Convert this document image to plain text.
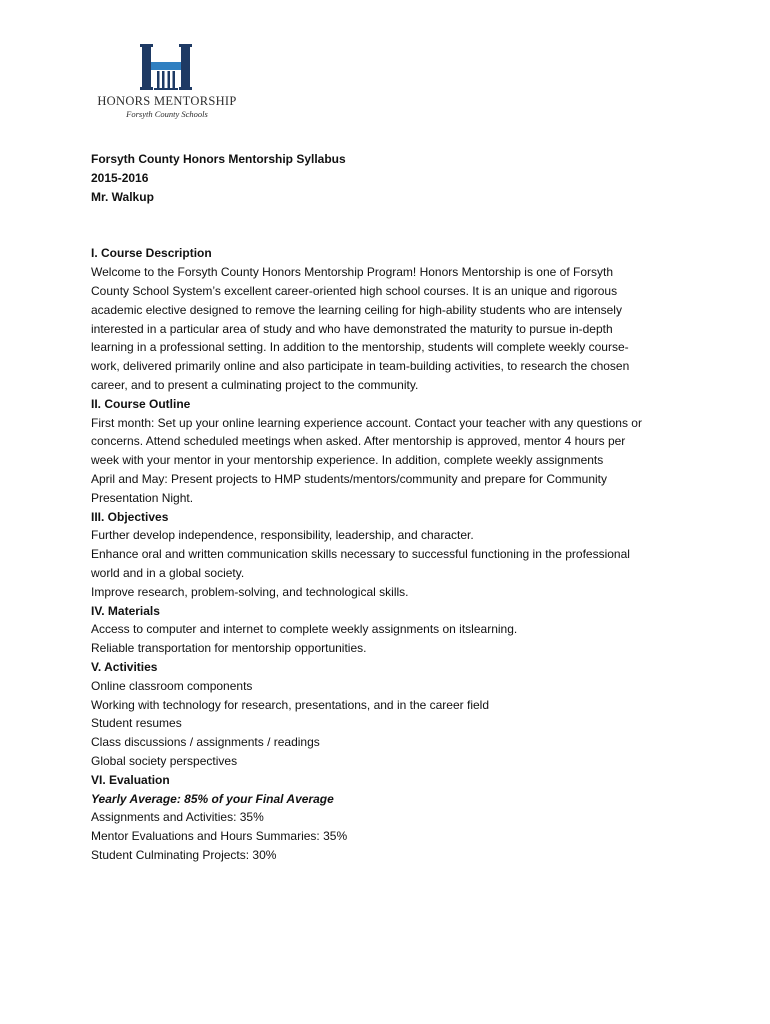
HONORS MENTORSHIP
Forsyth County Schools

Forsyth County Honors Mentorship Syllabus

2015-2016

Mr. Walkup

I. Course Description

Welcome to the Forsyth County Honors Mentorship Program! Honors Mentorship is one of Forsyth

County School System’s excellent career-oriented high school courses. It is an unique and rigorous

academic elective designed to remove the learning ceiling for high-ability students who are intensely

interested in a particular area of study and who have demonstrated the maturity to pursue in-depth

learning in a professional setting. In addition to the mentorship, students will complete weekly course-

work, delivered primarily online and also participate in team-building activities, to research the chosen

career, and to present a culminating project to the community.

II. Course Outline

First month: Set up your online learning experience account. Contact your teacher with any questions or

concerns. Attend scheduled meetings when asked. After mentorship is approved, mentor 4 hours per

week with your mentor in your mentorship experience. In addition, complete weekly assignments

April and May: Present projects to HMP students/mentors/community and prepare for Community

Presentation Night.

III. Objectives

Further develop independence, responsibility, leadership, and character.

Enhance oral and written communication skills necessary to successful functioning in the professional

world and in a global society.

Improve research, problem-solving, and technological skills.

IV. Materials

Access to computer and internet to complete weekly assignments on itslearning.

Reliable transportation for mentorship opportunities.

V. Activities

Online classroom components

Working with technology for research, presentations, and in the career field

Student resumes

Class discussions / assignments / readings

Global society perspectives

VI. Evaluation

Yearly Average: 85% of your Final Average

Assignments and Activities: 35%

Mentor Evaluations and Hours Summaries: 35%

Student Culminating Projects: 30%
